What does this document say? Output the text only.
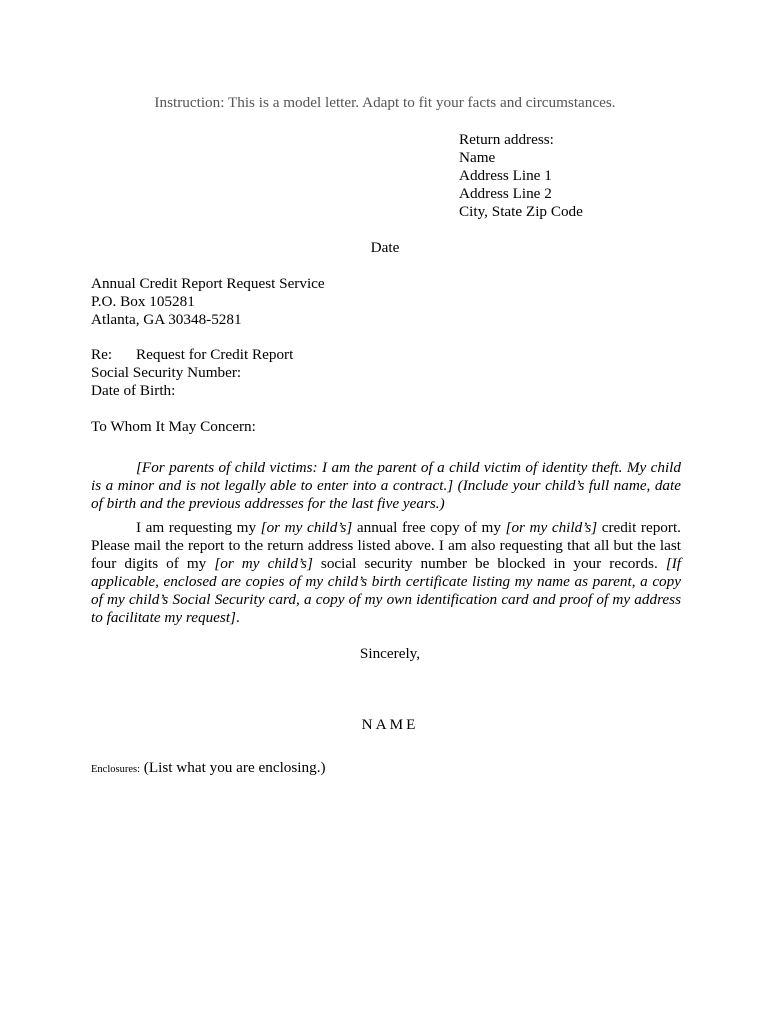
Instruction: This is a model letter. Adapt to fit your facts and circumstances.
Return address:
Name
Address Line 1
Address Line 2
City, State Zip Code
Date
Annual Credit Report Request Service
P.O. Box 105281
Atlanta, GA 30348-5281
Re: Request for Credit Report
Social Security Number:
Date of Birth:
To Whom It May Concern:
[For parents of child victims: I am the parent of a child victim of identity theft. My child is a minor and is not legally able to enter into a contract.] (Include your child’s full name, date of birth and the previous addresses for the last five years.)
I am requesting my [or my child’s] annual free copy of my [or my child’s] credit report. Please mail the report to the return address listed above. I am also requesting that all but the last four digits of my [or my child’s] social security number be blocked in your records. [If applicable, enclosed are copies of my child’s birth certificate listing my name as parent, a copy of my child’s Social Security card, a copy of my own identification card and proof of my address to facilitate my request].
Sincerely,
NAME
Enclosures: (List what you are enclosing.)
